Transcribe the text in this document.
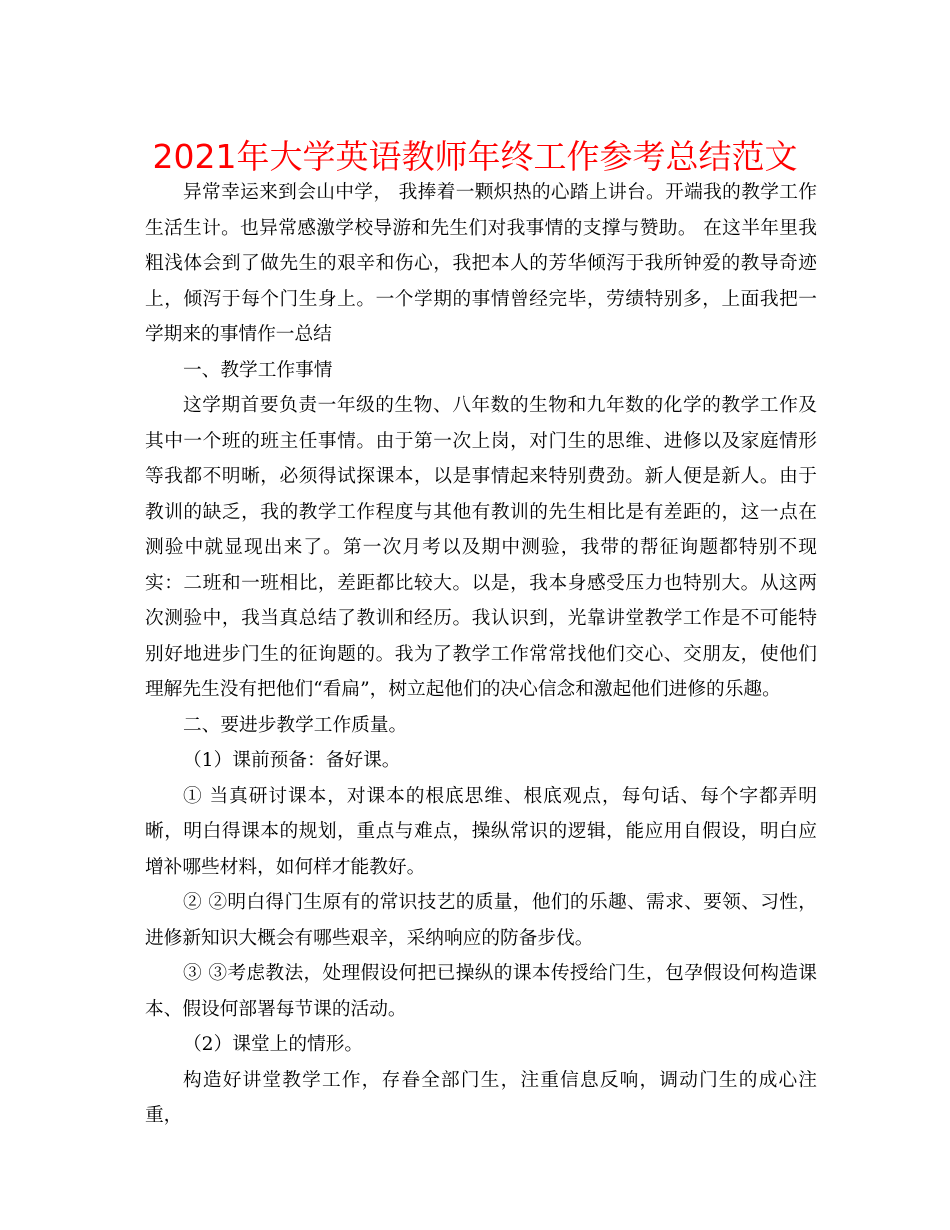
2021年大学英语教师年终工作参考总结范文

异常幸运来到会山中学， 我捧着一颗炽热的心踏上讲台。开端我的教学工作生活生计。也异常感激学校导游和先生们对我事情的支撑与赞助。 在这半年里我粗浅体会到了做先生的艰辛和伤心，我把本人的芳华倾泻于我所钟爱的教导奇迹上，倾泻于每个门生身上。一个学期的事情曾经完毕，劳绩特别多，上面我把一学期来的事情作一总结

一、教学工作事情

这学期首要负责一年级的生物、八年数的生物和九年数的化学的教学工作及其中一个班的班主任事情。由于第一次上岗，对门生的思维、进修以及家庭情形等我都不明晰，必须得试探课本，以是事情起来特别费劲。新人便是新人。由于教训的缺乏，我的教学工作程度与其他有教训的先生相比是有差距的，这一点在测验中就显现出来了。第一次月考以及期中测验，我带的帮征询题都特别不现实：二班和一班相比，差距都比较大。以是，我本身感受压力也特别大。从这两次测验中，我当真总结了教训和经历。我认识到，光靠讲堂教学工作是不可能特别好地进步门生的征询题的。我为了教学工作常常找他们交心、交朋友，使他们理解先生没有把他们“看扁”，树立起他们的决心信念和激起他们进修的乐趣。

二、要进步教学工作质量。

（1）课前预备：备好课。

① 当真研讨课本，对课本的根底思维、根底观点，每句话、每个字都弄明晰，明白得课本的规划，重点与难点，操纵常识的逻辑，能应用自假设，明白应增补哪些材料，如何样才能教好。

② ②明白得门生原有的常识技艺的质量，他们的乐趣、需求、要领、习性，进修新知识大概会有哪些艰辛，采纳响应的防备步伐。

③ ③考虑教法，处理假设何把已操纵的课本传授给门生，包孕假设何构造课本、假设何部署每节课的活动。

（2）课堂上的情形。

构造好讲堂教学工作，存眷全部门生，注重信息反响，调动门生的成心注重，
